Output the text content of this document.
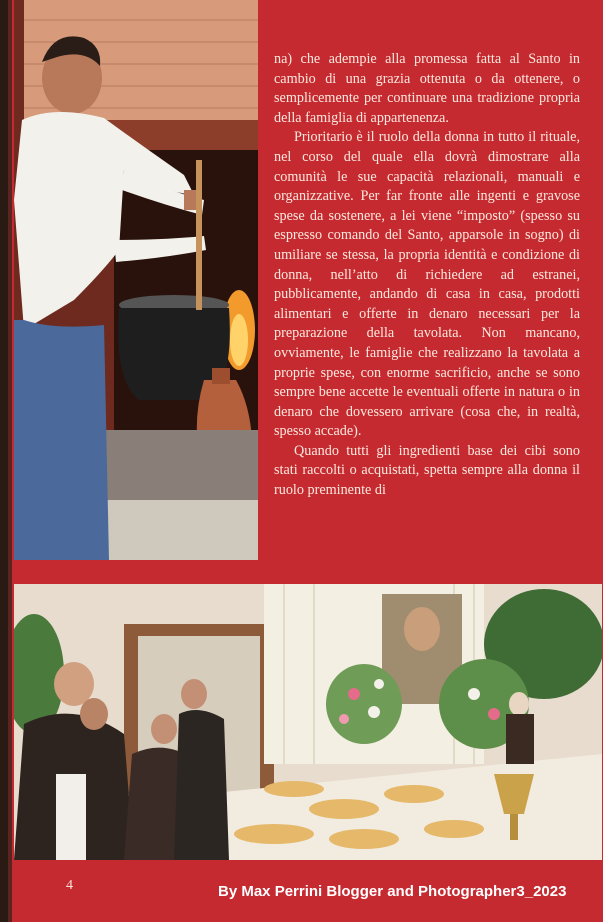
na) che adempie alla promessa fatta al Santo in cambio di una grazia ottenuta o da ottenere, o semplicemente per continuare una tradizione propria della famiglia di appartenenza.

Prioritario è il ruolo della donna in tutto il rituale, nel corso del quale ella dovrà dimostrare alla comunità le sue capacità relazionali, manuali e organizzative. Per far fronte alle ingenti e gravose spese da sostenere, a lei viene “imposto” (spesso su espresso comando del Santo, apparsole in sogno) di umiliare se stessa, la propria identità e condizione di donna, nell’atto di richiedere ad estranei, pubblicamente, andando di casa in casa, prodotti alimentari e offerte in denaro necessari per la preparazione della tavolata. Non mancano, ovviamente, le famiglie che realizzano la tavolata a proprie spese, con enorme sacrificio, anche se sono sempre bene accette le eventuali offerte in natura o in denaro che dovessero arrivare (cosa che, in realtà, spesso accade).

Quando tutti gli ingredienti base dei cibi sono stati raccolti o acquistati, spetta sempre alla donna il ruolo preminente di

4	By Max Perrini Blogger and Photographer3_2023
